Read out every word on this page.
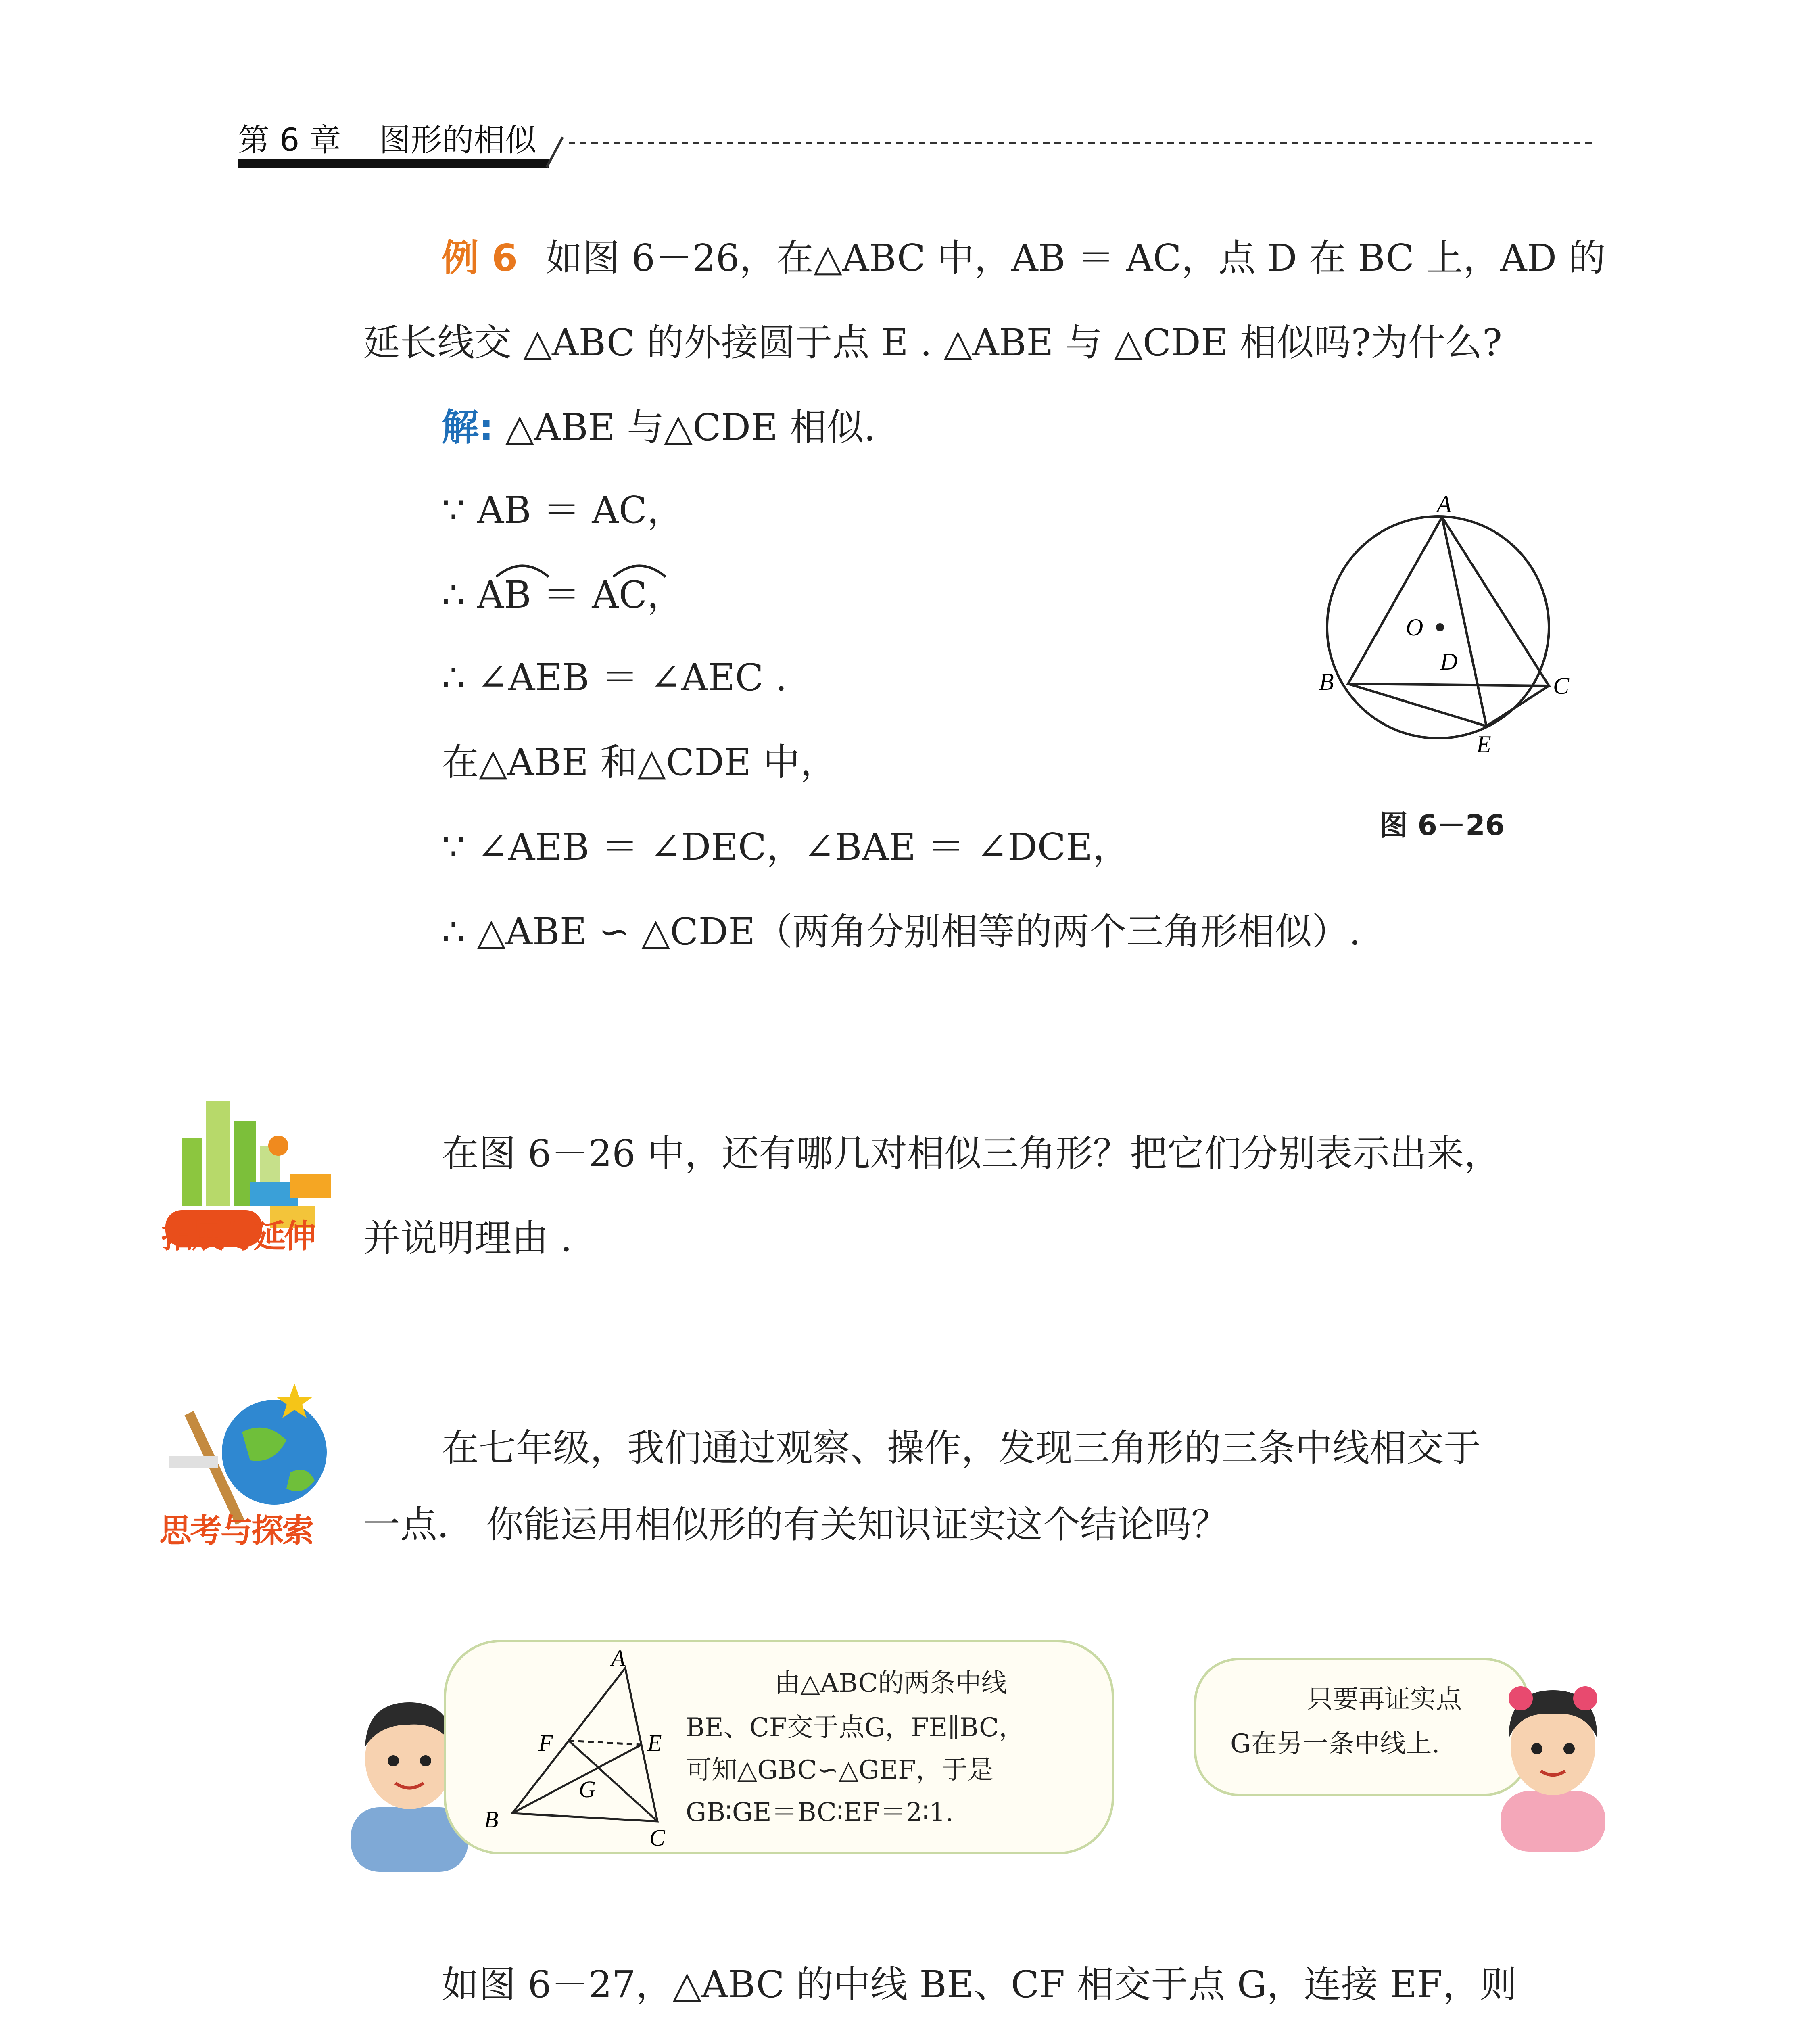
第 6 章 图形的相似
例 6 如图 6－26，在△ABC 中，AB ＝ AC，点 D 在 BC 上，AD 的
延长线交 △ABC 的外接圆于点 E . △ABE 与 △CDE 相似吗?为什么?
解: △ABE 与△CDE 相似.
∵ AB ＝ AC，
∴ AB ＝ AC，
∴ ∠AEB ＝ ∠AEC .
在△ABE 和△CDE 中，
∵ ∠AEB ＝ ∠DEC，∠BAE ＝ ∠DCE，
∴ △ABE ∽ △CDE（两角分别相等的两个三角形相似）.
A
B	C
D
E
O
图 6－26
拓展与延伸
在图 6－26 中，还有哪几对相似三角形？把它们分别表示出来，
并说明理由 .
思考与探索
在七年级，我们通过观察、操作，发现三角形的三条中线相交于
一点． 你能运用相似形的有关知识证实这个结论吗？
A
B
C
E
F
G
由△ABC的两条中线
BE、CF交于点G，FE∥BC，
可知△GBC∽△GEF，于是
GB∶GE＝BC∶EF＝2∶1.
只要再证实点
G在另一条中线上.
如图 6－27，△ABC 的中线 BE、CF 相交于点 G，连接 EF，则
